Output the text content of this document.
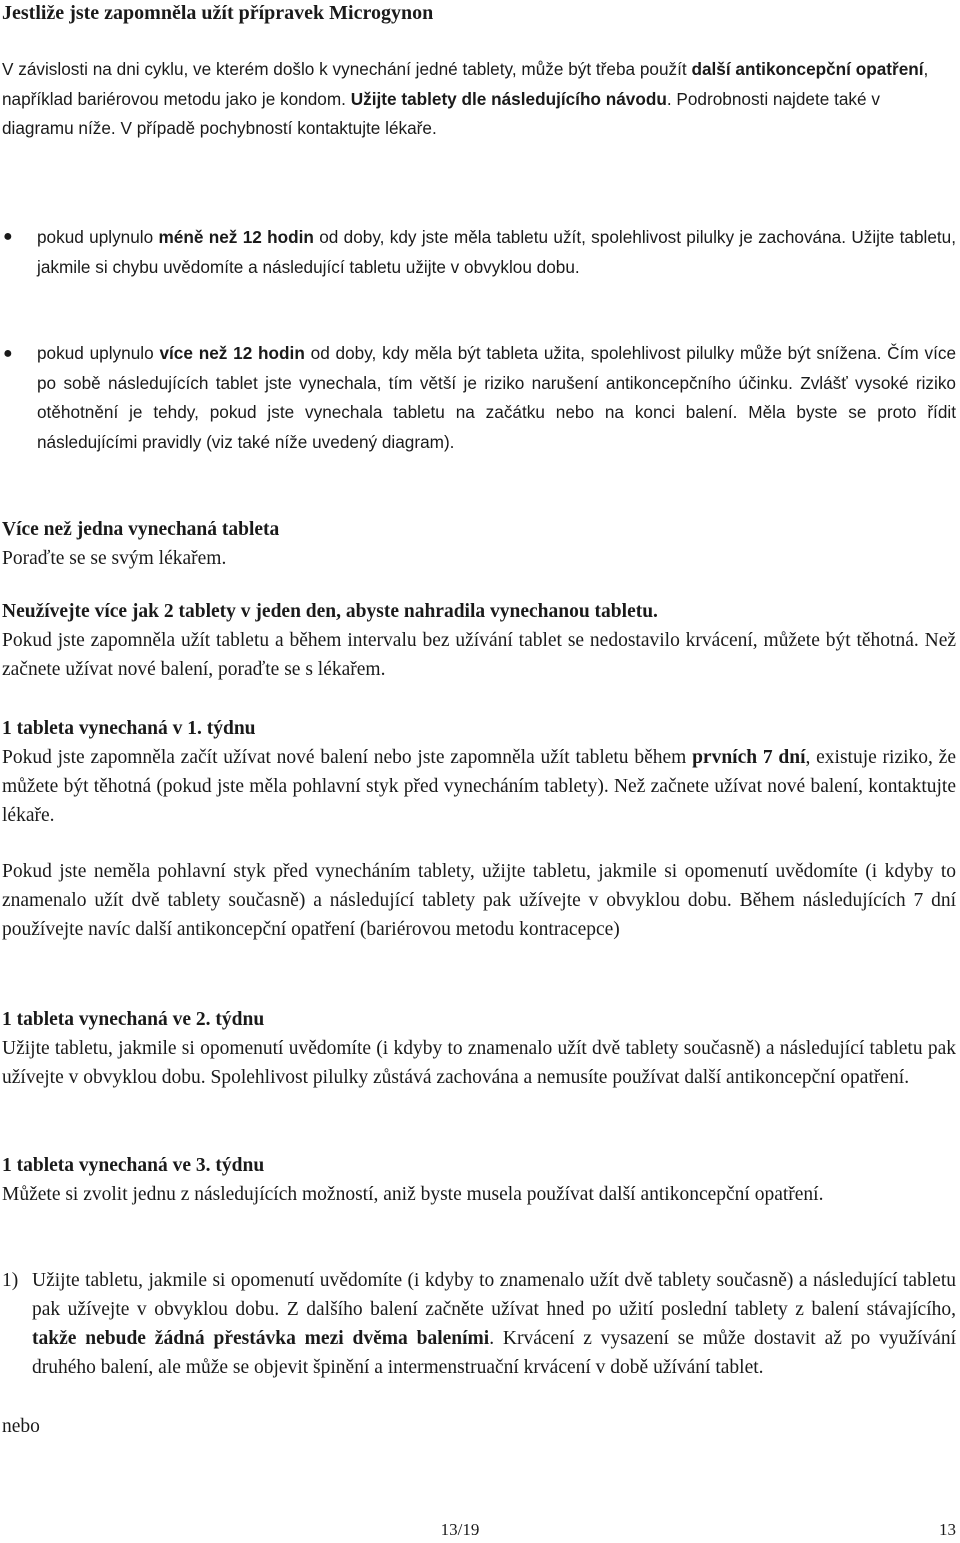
Jestliže jste zapomněla užít přípravek Microgynon

V závislosti na dni cyklu, ve kterém došlo k vynechání jedné tablety, může být třeba použít další antikoncepční opatření, například bariérovou metodu jako je kondom. Užijte tablety dle následujícího návodu. Podrobnosti najdete také v diagramu níže. V případě pochybností kontaktujte lékaře.

● pokud uplynulo méně než 12 hodin od doby, kdy jste měla tabletu užít, spolehlivost pilulky je zachována. Užijte tabletu, jakmile si chybu uvědomíte a následující tabletu užijte v obvyklou dobu.

● pokud uplynulo více než 12 hodin od doby, kdy měla být tableta užita, spolehlivost pilulky může být snížena. Čím více po sobě následujících tablet jste vynechala, tím větší je riziko narušení antikoncepčního účinku. Zvlášť vysoké riziko otěhotnění je tehdy, pokud jste vynechala tabletu na začátku nebo na konci balení. Měla byste se proto řídit následujícími pravidly (viz také níže uvedený diagram).

Více než jedna vynechaná tableta
Poraďte se se svým lékařem.
Neužívejte více jak 2 tablety v jeden den, abyste nahradila vynechanou tabletu.

Pokud jste zapomněla užít tabletu a během intervalu bez užívání tablet se nedostavilo krvácení, můžete být těhotná. Než začnete užívat nové balení, poraďte se s lékařem.

1 tableta vynechaná v 1. týdnu

Pokud jste zapomněla začít užívat nové balení nebo jste zapomněla užít tabletu během prvních 7 dní, existuje riziko, že můžete být těhotná (pokud jste měla pohlavní styk před vynecháním tablety). Než začnete užívat nové balení, kontaktujte lékaře.

Pokud jste neměla pohlavní styk před vynecháním tablety, užijte tabletu, jakmile si opomenutí uvědomíte (i kdyby to znamenalo užít dvě tablety současně) a následující tablety pak užívejte v obvyklou dobu. Během následujících 7 dní používejte navíc další antikoncepční opatření (bariérovou metodu kontracepce)

1 tableta vynechaná ve 2. týdnu

Užijte tabletu, jakmile si opomenutí uvědomíte (i kdyby to znamenalo užít dvě tablety současně) a následující tabletu pak užívejte v obvyklou dobu. Spolehlivost pilulky zůstává zachována a nemusíte používat další antikoncepční opatření.

1 tableta vynechaná ve 3. týdnu

Můžete si zvolit jednu z následujících možností, aniž byste musela používat další antikoncepční opatření.

1) Užijte tabletu, jakmile si opomenutí uvědomíte (i kdyby to znamenalo užít dvě tablety současně) a následující tabletu pak užívejte v obvyklou dobu. Z dalšího balení začněte užívat hned po užití poslední tablety z balení stávajícího, takže nebude žádná přestávka mezi dvěma baleními. Krvácení z vysazení se může dostavit až po využívání druhého balení, ale může se objevit špinění a intermenstruační krvácení v době užívání tablet.

nebo
13/19	13
